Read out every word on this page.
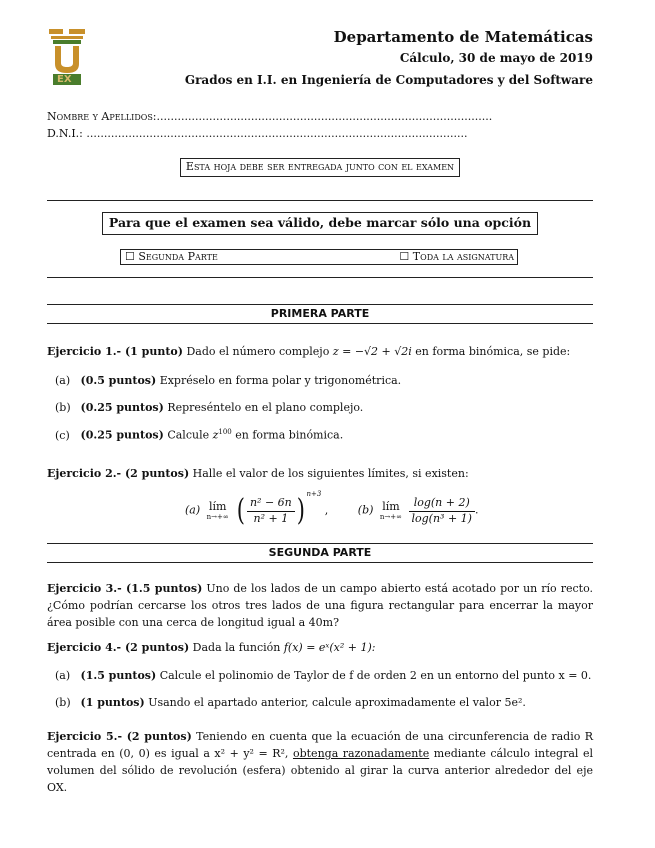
EX
Departamento de Matemáticas
Cálculo, 30 de mayo de 2019
Grados en I.I. en Ingeniería de Computadores y del Software
Nombre y Apellidos:................................................................................................
D.N.I.: .............................................................................................................
Esta hoja debe ser entregada junto con el examen
Para que el examen sea válido, debe marcar sólo una opción
☐ Segunda Parte	☐ Toda la asignatura
PRIMERA PARTE
Ejercicio 1.- (1 punto) Dado el número complejo z = −√2 + √2i en forma binómica, se pide:
(a) (0.5 puntos) Expréselo en forma polar y trigonométrica.
(b) (0.25 puntos) Represéntelo en el plano complejo.
(c) (0.25 puntos) Calcule $z^{100}$ en forma binómica.
Ejercicio 2.- (2 puntos) Halle el valor de los siguientes límites, si existen:
(a) lím
n→+∞ ( $\frac{\text{n² − 6n}}{\text{n² + 1}}$ ) $^{n+3}$ ,	(b) lím
n→+∞
$\frac{\log(n + 2)}{\text{log(n³ + 1)}}$ .
SEGUNDA PARTE
Ejercicio 3.- (1.5 puntos) Uno de los lados de un campo abierto está acotado por un río recto. ¿Cómo podrían cercarse los otros tres lados de una figura rectangular para encerrar la mayor área posible con una cerca de longitud igual a 40m?
Ejercicio 4.- (2 puntos) Dada la función f(x) = eˣ(x² + 1):
(a) (1.5 puntos) Calcule el polinomio de Taylor de f de orden 2 en un entorno del punto x = 0.
(b) (1 puntos) Usando el apartado anterior, calcule aproximadamente el valor 5e².
Ejercicio 5.- (2 puntos) Teniendo en cuenta que la ecuación de una circunferencia de radio R centrada en (0, 0) es igual a x² + y² = R², obtenga razonadamente mediante cálculo integral el volumen del sólido de revolución (esfera) obtenido al girar la curva anterior alrededor del eje OX.
